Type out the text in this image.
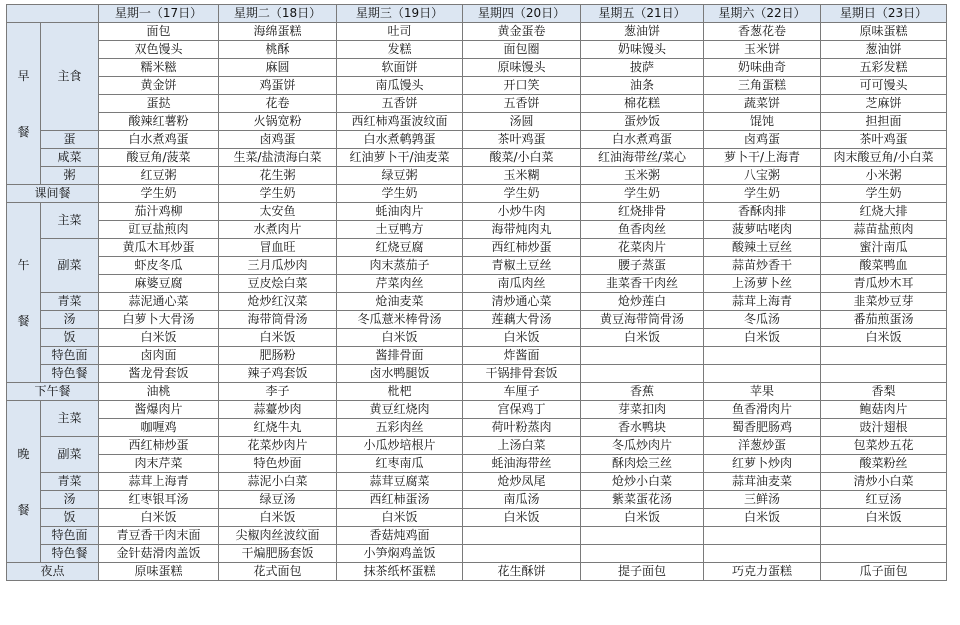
		星期一（17日）	星期二（18日）	星期三（19日）	星期四（20日）	星期五（21日）	星期六（22日）	星期日（23日）
早

餐	主食	面包	海绵蛋糕	吐司	黄金蛋卷	葱油饼	香葱花卷	原味蛋糕
		双色馒头	桃酥	发糕	面包圈	奶味馒头	玉米饼	葱油饼
		糯米糍	麻圆	软面饼	原味馒头	披萨	奶味曲奇	五彩发糕
		黄金饼	鸡蛋饼	南瓜馒头	开口笑	油条	三角蛋糕	可可馒头
		蛋挞	花卷	五香饼	五香饼	棉花糕	蔬菜饼	芝麻饼
		酸辣红薯粉	火锅宽粉	西红柿鸡蛋波纹面	汤圆	蛋炒饭	馄饨	担担面
	蛋	白水煮鸡蛋	卤鸡蛋	白水煮鹌鹑蛋	茶叶鸡蛋	白水煮鸡蛋	卤鸡蛋	茶叶鸡蛋
	咸菜	酸豆角/菠菜	生菜/盐渍海白菜	红油萝卜干/油麦菜	酸菜/小白菜	红油海带丝/菜心	萝卜干/上海青	肉末酸豆角/小白菜
	粥	红豆粥	花生粥	绿豆粥	玉米糊	玉米粥	八宝粥	小米粥
课间餐		学生奶	学生奶	学生奶	学生奶	学生奶	学生奶	学生奶
午

餐	主菜	茄汁鸡柳	太安鱼	蚝油肉片	小炒牛肉	红烧排骨	香酥肉排	红烧大排
		豇豆盐煎肉	水煮肉片	土豆鸭方	海带炖肉丸	鱼香肉丝	菠萝咕咾肉	蒜苗盐煎肉
	副菜	黄瓜木耳炒蛋	冒血旺	红烧豆腐	西红柿炒蛋	花菜肉片	酸辣土豆丝	蜜汁南瓜
		虾皮冬瓜	三月瓜炒肉	肉末蒸茄子	青椒土豆丝	腰子蒸蛋	蒜苗炒香干	酸菜鸭血
		麻婆豆腐	豆皮烩白菜	芹菜肉丝	南瓜肉丝	韭菜香干肉丝	上汤萝卜丝	青瓜炒木耳
	青菜	蒜泥通心菜	炝炒红汉菜	炝油麦菜	清炒通心菜	炝炒莲白	蒜茸上海青	韭菜炒豆芽
	汤	白萝卜大骨汤	海带筒骨汤	冬瓜薏米棒骨汤	莲藕大骨汤	黄豆海带筒骨汤	冬瓜汤	番茄煎蛋汤
	饭	白米饭	白米饭	白米饭	白米饭	白米饭	白米饭	白米饭
	特色面	卤肉面	肥肠粉	酱排骨面	炸酱面			
	特色餐	酱龙骨套饭	辣子鸡套饭	卤水鸭腿饭	干锅排骨套饭			
下午餐		油桃	李子	枇杷	车厘子	香蕉	苹果	香梨
晚

餐	主菜	酱爆肉片	蒜薹炒肉	黄豆红烧肉	宫保鸡丁	芽菜扣肉	鱼香滑肉片	鲍菇肉片
		咖喱鸡	红烧牛丸	五彩肉丝	荷叶粉蒸肉	香水鸭块	蜀香肥肠鸡	豉汁翅根
	副菜	西红柿炒蛋	花菜炒肉片	小瓜炒培根片	上汤白菜	冬瓜炒肉片	洋葱炒蛋	包菜炒五花
		肉末芹菜	特色炒面	红枣南瓜	蚝油海带丝	酥肉烩三丝	红萝卜炒肉	酸菜粉丝
	青菜	蒜茸上海青	蒜泥小白菜	蒜茸豆腐菜	炝炒凤尾	炝炒小白菜	蒜茸油麦菜	清炒小白菜
	汤	红枣银耳汤	绿豆汤	西红柿蛋汤	南瓜汤	紫菜蛋花汤	三鲜汤	红豆汤
	饭	白米饭	白米饭	白米饭	白米饭	白米饭	白米饭	白米饭
	特色面	青豆香干肉末面	尖椒肉丝波纹面	香菇炖鸡面				
	特色餐	金针菇滑肉盖饭	干煸肥肠套饭	小笋焖鸡盖饭				
夜点		原味蛋糕	花式面包	抹茶纸杯蛋糕	花生酥饼	提子面包	巧克力蛋糕	瓜子面包
